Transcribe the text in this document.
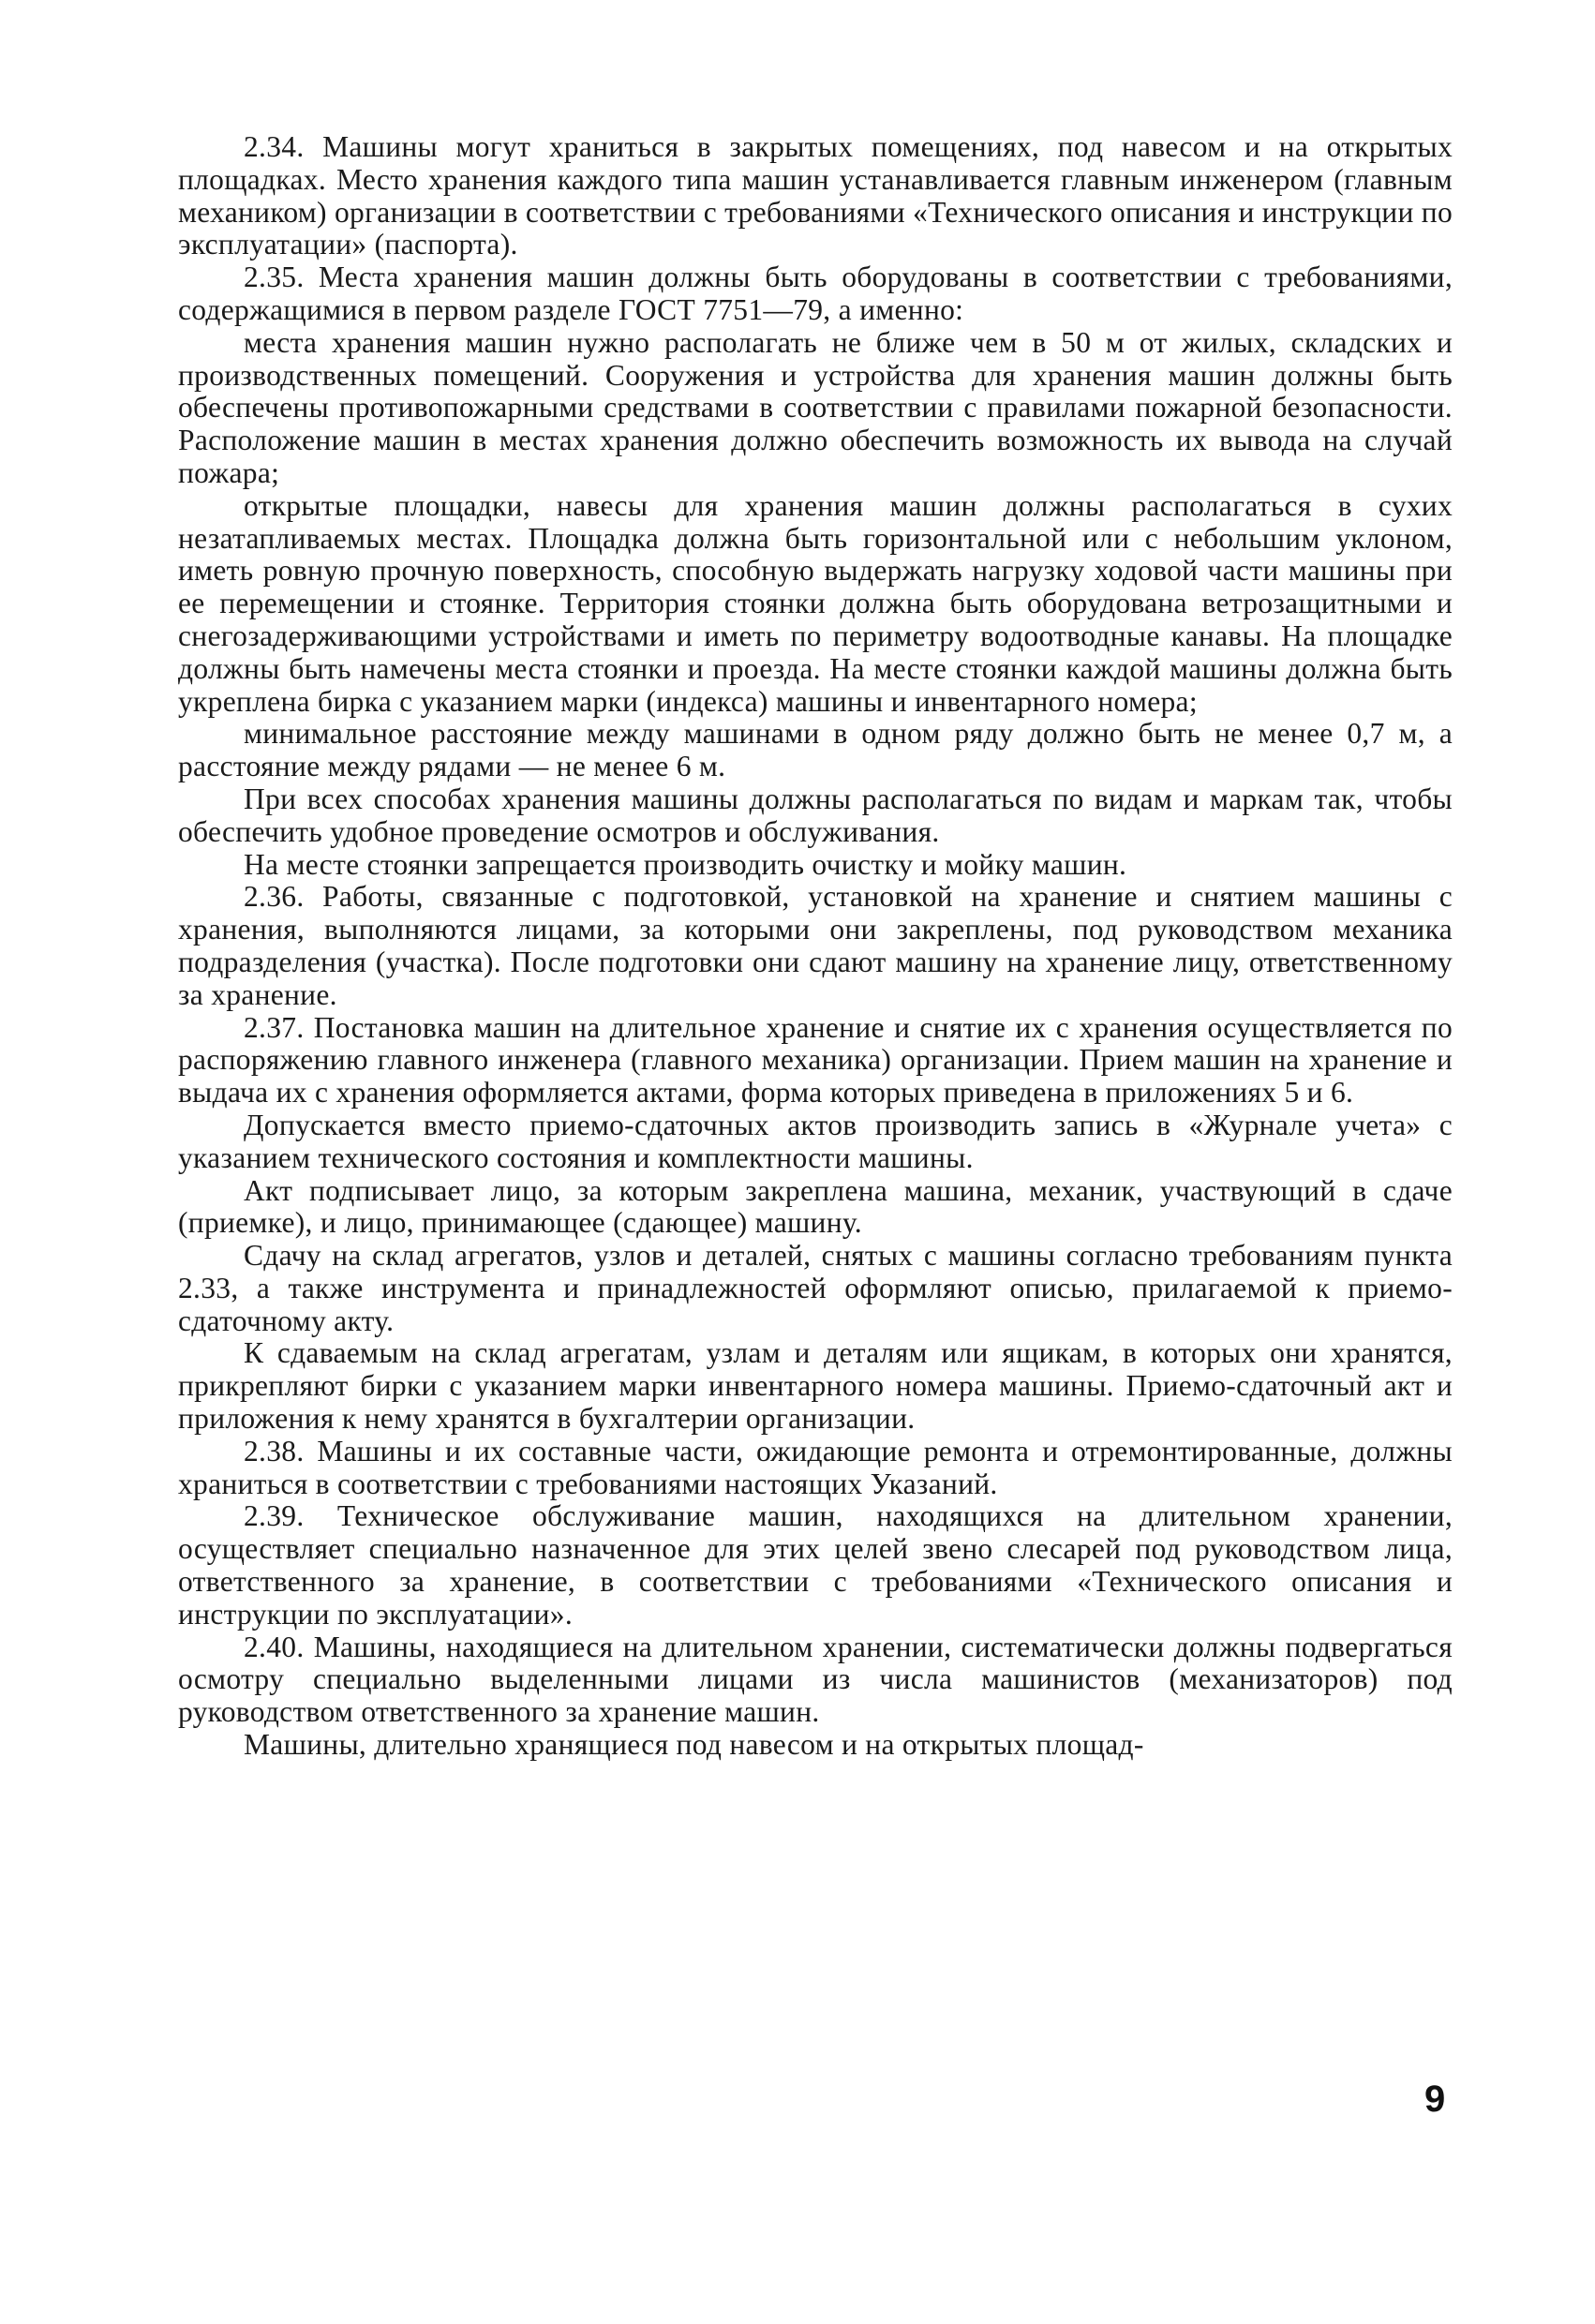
2.34. Машины могут храниться в закрытых помещениях, под навесом и на открытых площадках. Место хранения каждого типа машин устанавливается главным инженером (главным механиком) организации в соответствии с требованиями «Технического описания и инструкции по эксплуатации» (паспорта).

2.35. Места хранения машин должны быть оборудованы в соответствии с требованиями, содержащимися в первом разделе ГОСТ 7751—79, а именно:

места хранения машин нужно располагать не ближе чем в 50 м от жилых, складских и производственных помещений. Сооружения и устройства для хранения машин должны быть обеспечены противопожарными средствами в соответствии с правилами пожарной безопасности. Расположение машин в местах хранения должно обеспечить возможность их вывода на случай пожара;

открытые площадки, навесы для хранения машин должны располагаться в сухих незатапливаемых местах. Площадка должна быть горизонтальной или с небольшим уклоном, иметь ровную прочную поверхность, способную выдержать нагрузку ходовой части машины при ее перемещении и стоянке. Территория стоянки должна быть оборудована ветрозащитными и снегозадерживающими устройствами и иметь по периметру водоотводные канавы. На площадке должны быть намечены места стоянки и проезда. На месте стоянки каждой машины должна быть укреплена бирка с указанием марки (индекса) машины и инвентарного номера;

минимальное расстояние между машинами в одном ряду должно быть не менее 0,7 м, а расстояние между рядами — не менее 6 м.

При всех способах хранения машины должны располагаться по видам и маркам так, чтобы обеспечить удобное проведение осмотров и обслуживания.

На месте стоянки запрещается производить очистку и мойку машин.

2.36. Работы, связанные с подготовкой, установкой на хранение и снятием машины с хранения, выполняются лицами, за которыми они закреплены, под руководством механика подразделения (участка). После подготовки они сдают машину на хранение лицу, ответственному за хранение.

2.37. Постановка машин на длительное хранение и снятие их с хранения осуществляется по распоряжению главного инженера (главного механика) организации. Прием машин на хранение и выдача их с хранения оформляется актами, форма которых приведена в приложениях 5 и 6.

Допускается вместо приемо-сдаточных актов производить запись в «Журнале учета» с указанием технического состояния и комплектности машины.

Акт подписывает лицо, за которым закреплена машина, механик, участвующий в сдаче (приемке), и лицо, принимающее (сдающее) машину.

Сдачу на склад агрегатов, узлов и деталей, снятых с машины согласно требованиям пункта 2.33, а также инструмента и принадлежностей оформляют описью, прилагаемой к приемо-сдаточному акту.

К сдаваемым на склад агрегатам, узлам и деталям или ящикам, в которых они хранятся, прикрепляют бирки с указанием марки инвентарного номера машины. Приемо-сдаточный акт и приложения к нему хранятся в бухгалтерии организации.

2.38. Машины и их составные части, ожидающие ремонта и отремонтированные, должны храниться в соответствии с требованиями настоящих Указаний.

2.39. Техническое обслуживание машин, находящихся на длительном хранении, осуществляет специально назначенное для этих целей звено слесарей под руководством лица, ответственного за хранение, в соответствии с требованиями «Технического описания и инструкции по эксплуатации».

2.40. Машины, находящиеся на длительном хранении, систематически должны подвергаться осмотру специально выделенными лицами из числа машинистов (механизаторов) под руководством ответственного за хранение машин.

Машины, длительно хранящиеся под навесом и на открытых площад-

9
